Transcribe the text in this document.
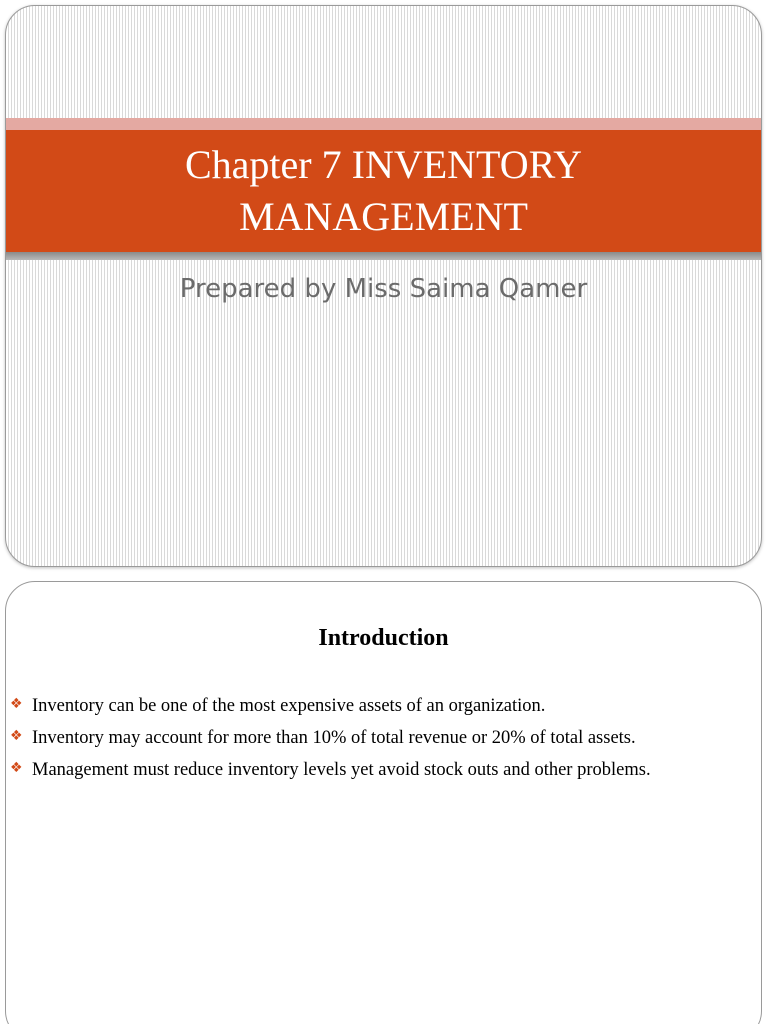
Chapter 7 INVENTORY MANAGEMENT
Prepared by Miss Saima Qamer
Introduction
❖ Inventory can be one of the most expensive assets of an organization.
❖ Inventory may account for more than 10% of total revenue or 20% of total assets.
❖ Management must reduce inventory levels yet avoid stock outs and other problems.
